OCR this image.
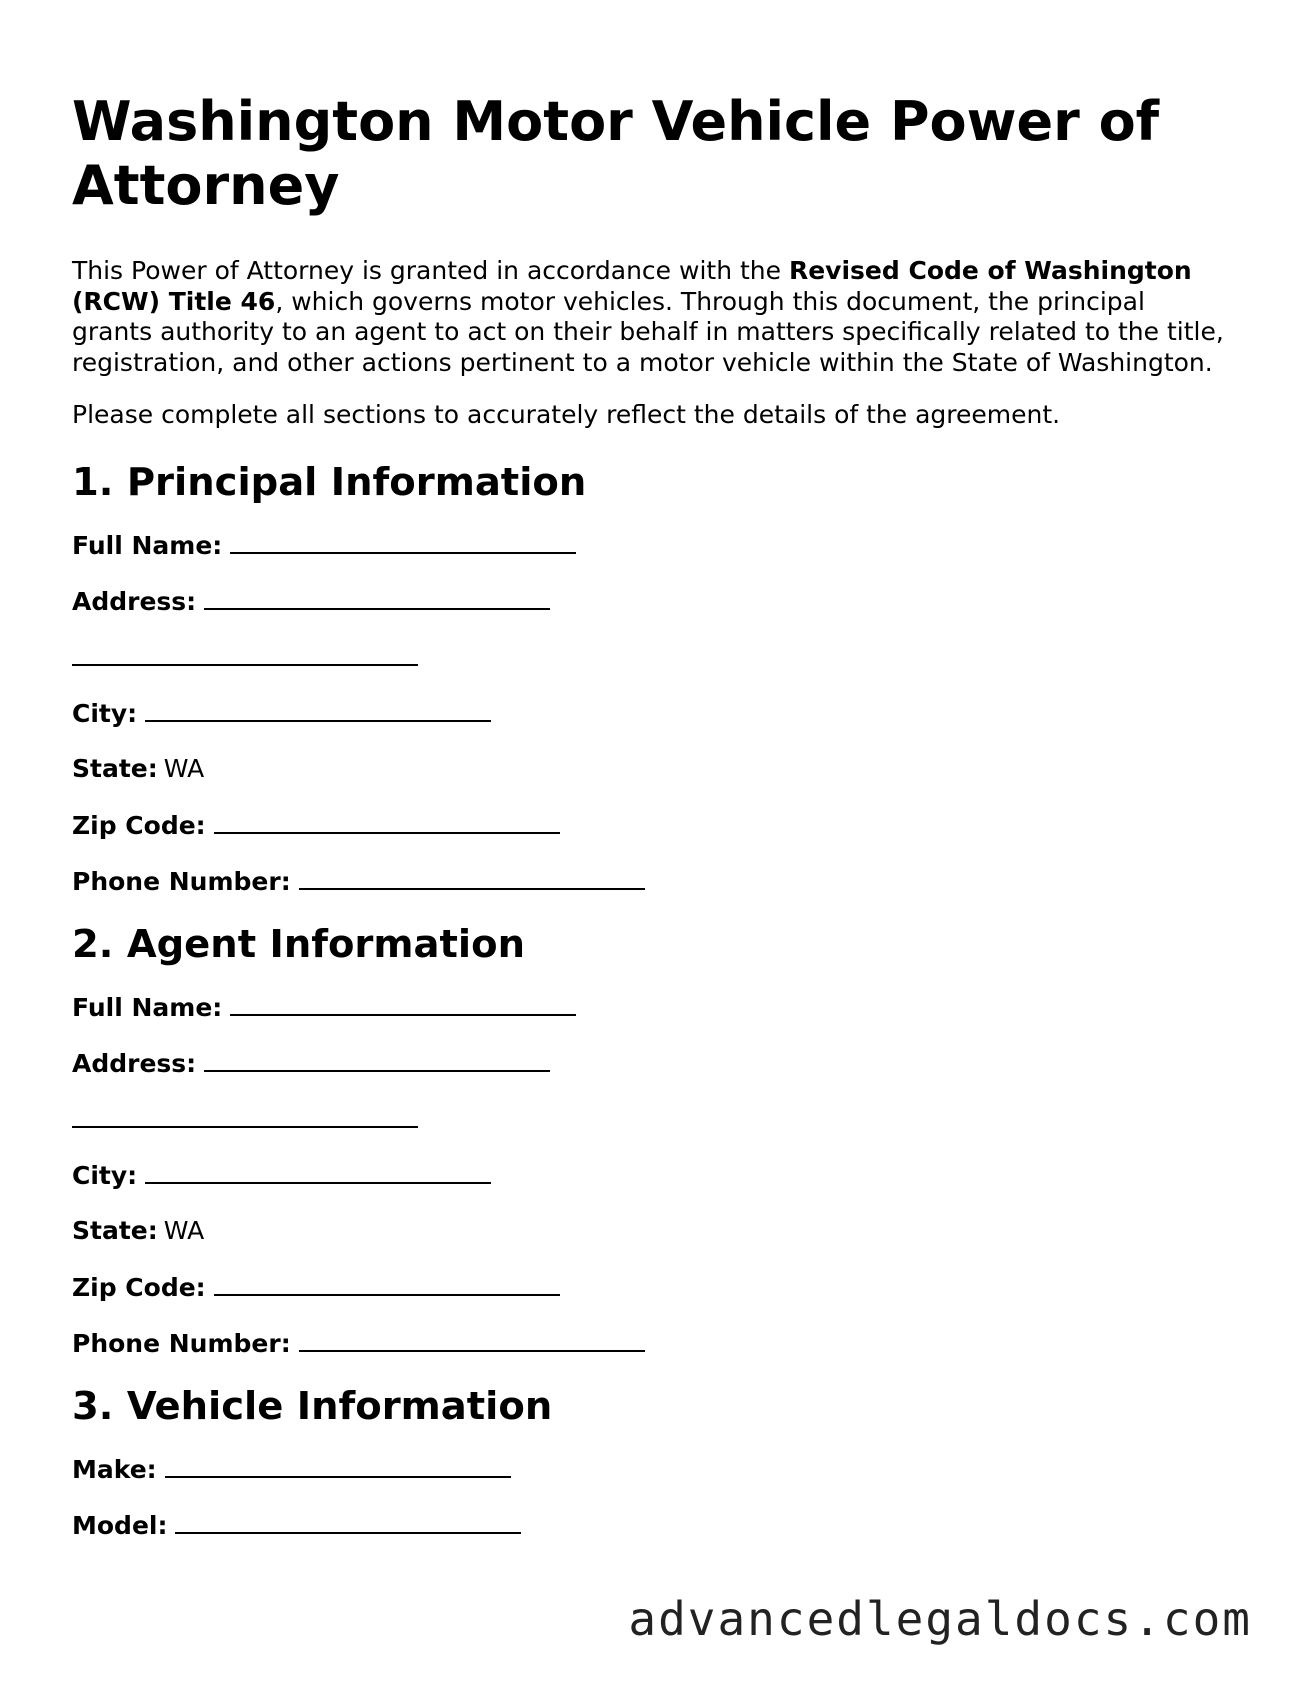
Washington Motor Vehicle Power of Attorney

This Power of Attorney is granted in accordance with the Revised Code of Washington (RCW) Title 46, which governs motor vehicles. Through this document, the principal grants authority to an agent to act on their behalf in matters specifically related to the title, registration, and other actions pertinent to a motor vehicle within the State of Washington.

Please complete all sections to accurately reflect the details of the agreement.

1. Principal Information
Full Name:
Address:
City:
State: WA
Zip Code:
Phone Number:
2. Agent Information
Full Name:
Address:
City:
State: WA
Zip Code:
Phone Number:
3. Vehicle Information
Make:
Model:
advancedlegaldocs.com
